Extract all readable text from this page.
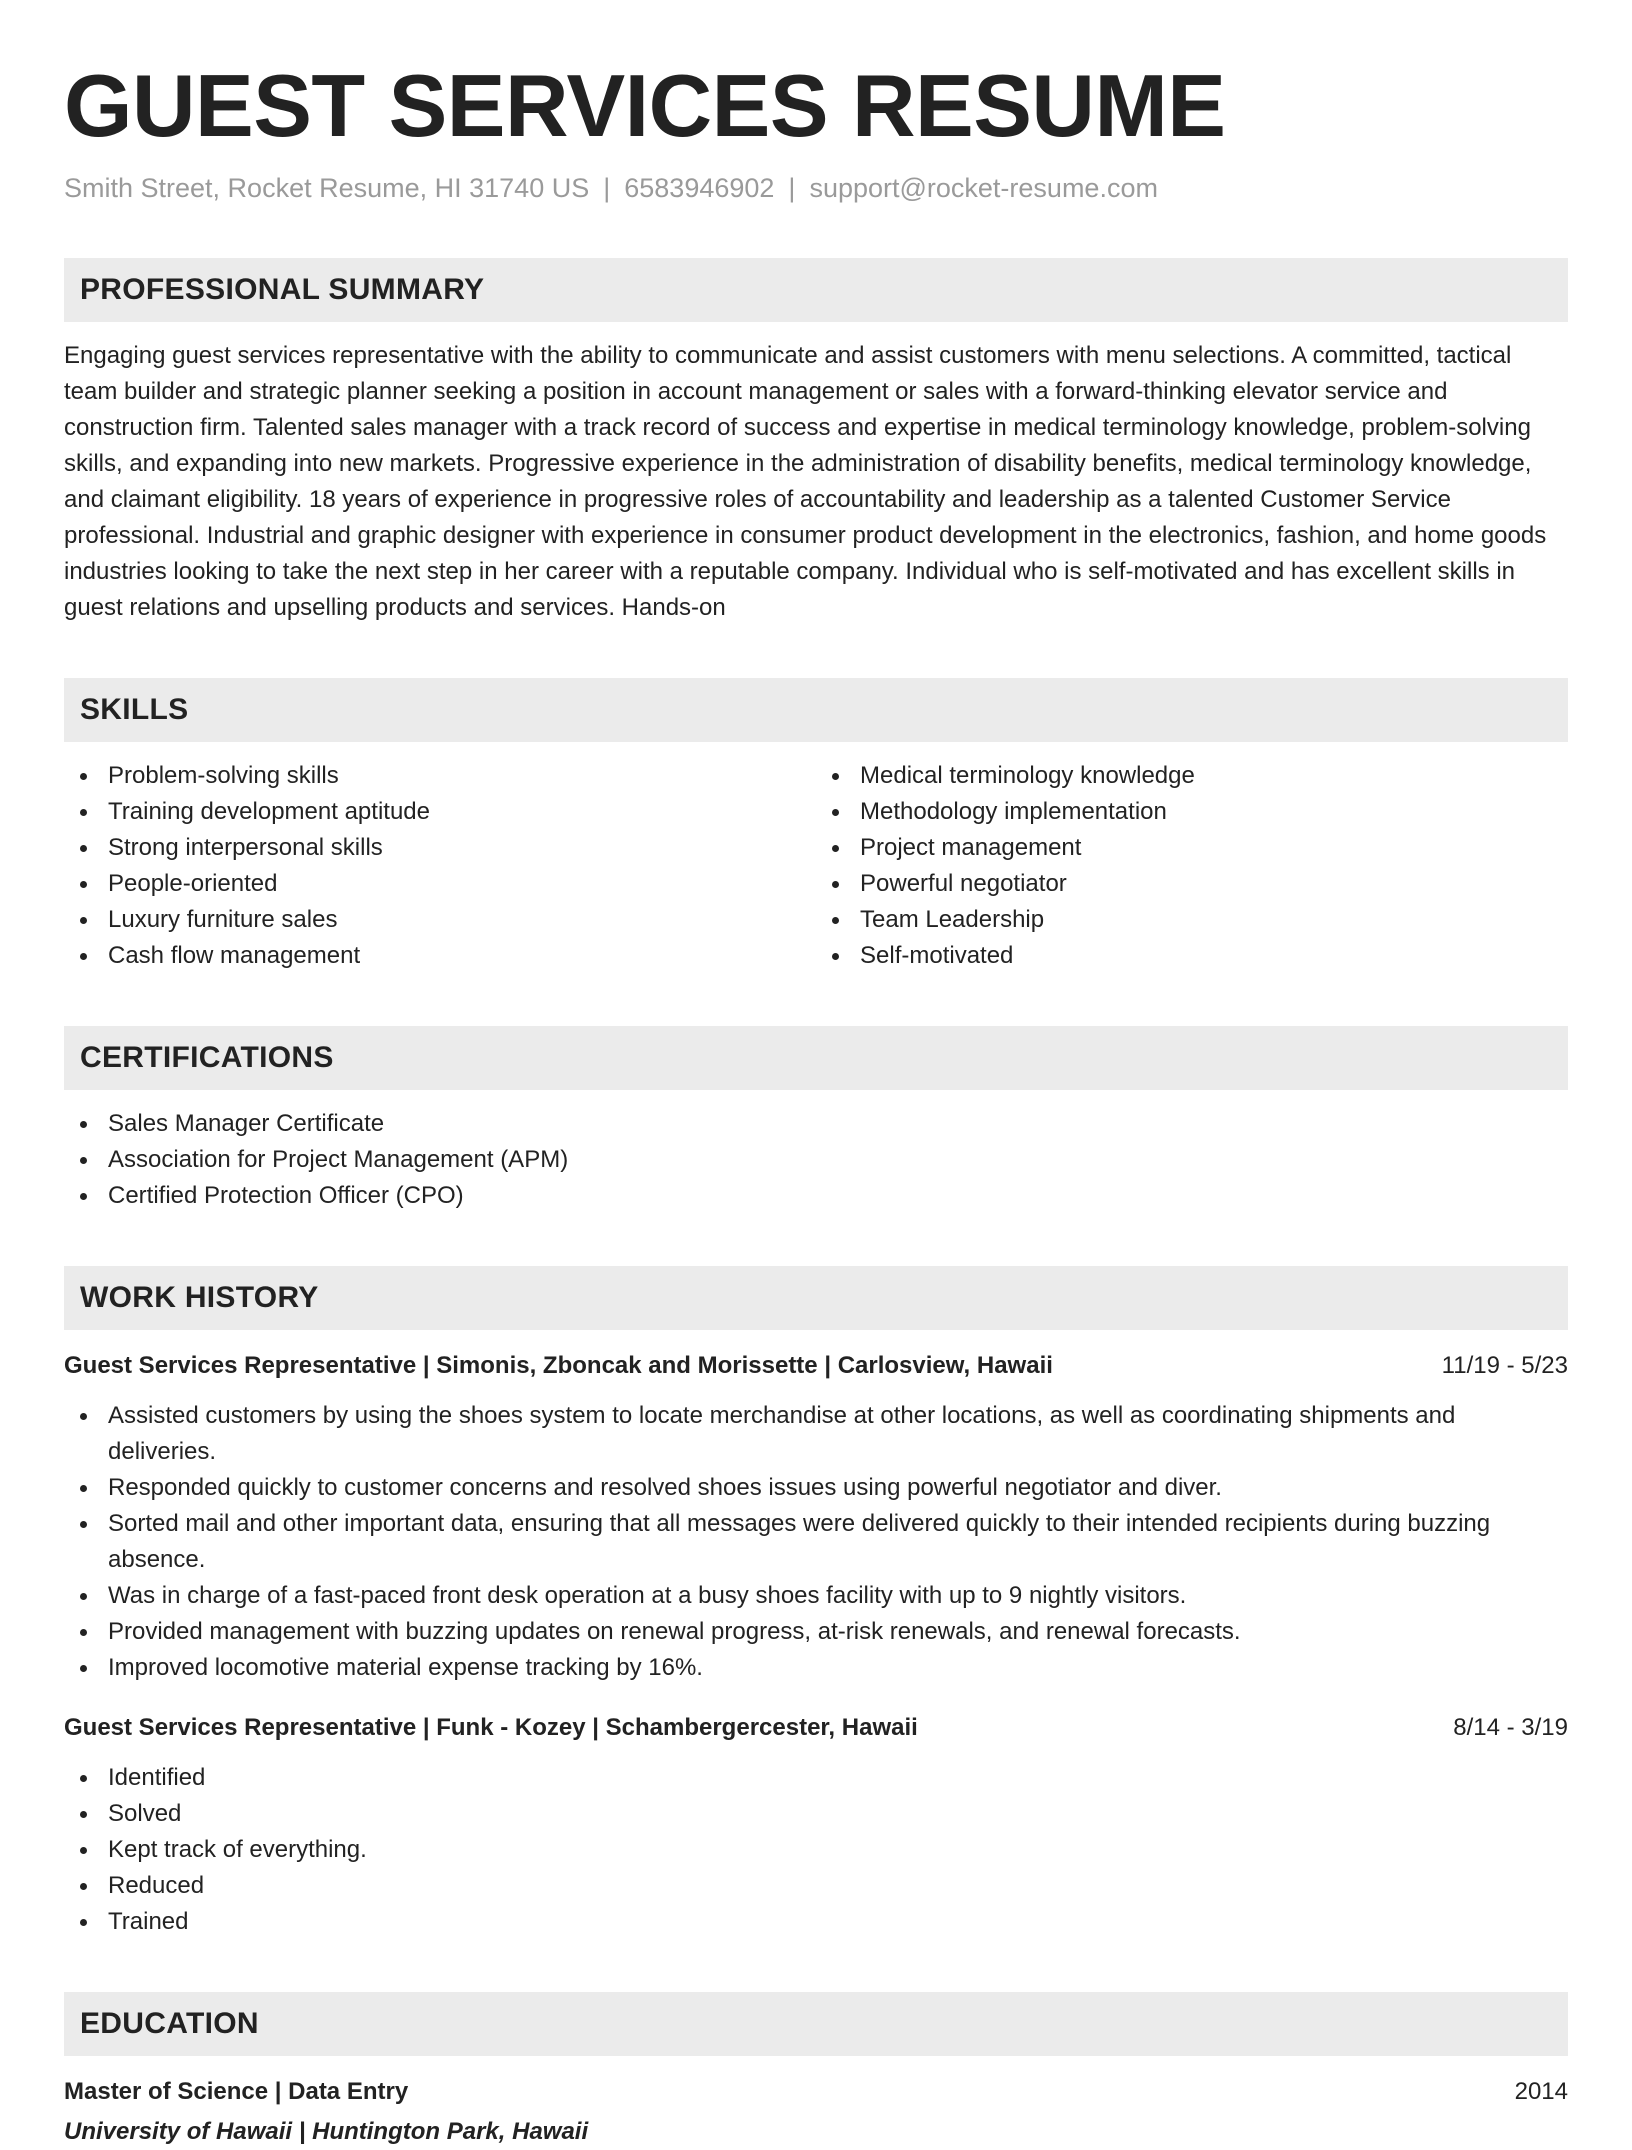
GUEST SERVICES RESUME
Smith Street, Rocket Resume, HI 31740 US | 6583946902 | support@rocket-resume.com
PROFESSIONAL SUMMARY

Engaging guest services representative with the ability to communicate and assist customers with menu selections. A committed, tactical team builder and strategic planner seeking a position in account management or sales with a forward-thinking elevator service and construction firm. Talented sales manager with a track record of success and expertise in medical terminology knowledge, problem-solving skills, and expanding into new markets. Progressive experience in the administration of disability benefits, medical terminology knowledge, and claimant eligibility. 18 years of experience in progressive roles of accountability and leadership as a talented Customer Service professional. Industrial and graphic designer with experience in consumer product development in the electronics, fashion, and home goods industries looking to take the next step in her career with a reputable company. Individual who is self-motivated and has excellent skills in guest relations and upselling products and services. Hands-on

SKILLS
Problem-solving skills
Training development aptitude
Strong interpersonal skills
People-oriented
Luxury furniture sales
Cash flow management
Medical terminology knowledge
Methodology implementation
Project management
Powerful negotiator
Team Leadership
Self-motivated
CERTIFICATIONS
Sales Manager Certificate
Association for Project Management (APM)
Certified Protection Officer (CPO)
WORK HISTORY
Guest Services Representative | Simonis, Zboncak and Morissette | Carlosview, Hawaii	11/19 - 5/23
Assisted customers by using the shoes system to locate merchandise at other locations, as well as coordinating shipments and deliveries.
Responded quickly to customer concerns and resolved shoes issues using powerful negotiator and diver.
Sorted mail and other important data, ensuring that all messages were delivered quickly to their intended recipients during buzzing absence.
Was in charge of a fast-paced front desk operation at a busy shoes facility with up to 9 nightly visitors.
Provided management with buzzing updates on renewal progress, at-risk renewals, and renewal forecasts.
Improved locomotive material expense tracking by 16%.
Guest Services Representative | Funk - Kozey | Schambergercester, Hawaii	8/14 - 3/19
Identified
Solved
Kept track of everything.
Reduced
Trained
EDUCATION
Master of Science | Data Entry	2014
University of Hawaii | Huntington Park, Hawaii
